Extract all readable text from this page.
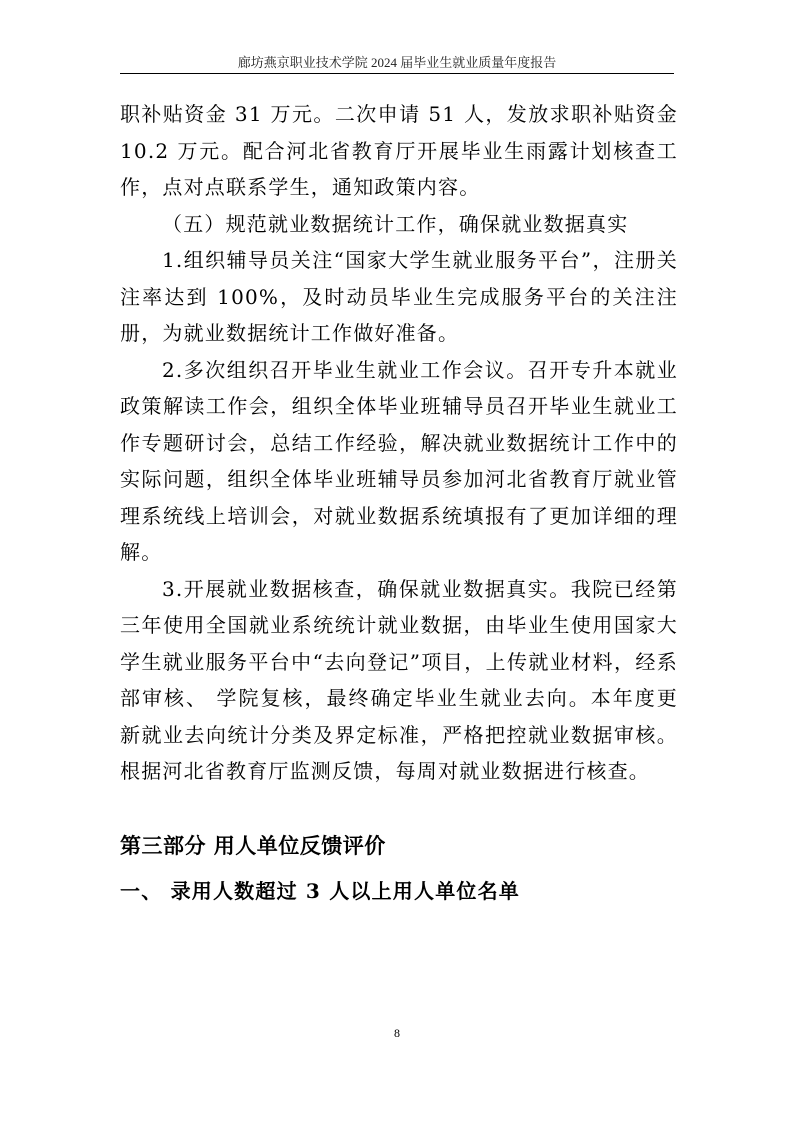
廊坊燕京职业技术学院 2024 届毕业生就业质量年度报告

职补贴资金 31 万元。二次申请 51 人，发放求职补贴资金 10.2 万元。配合河北省教育厅开展毕业生雨露计划核查工作，点对点联系学生，通知政策内容。

（五）规范就业数据统计工作，确保就业数据真实

1.组织辅导员关注“国家大学生就业服务平台”，注册关注率达到 100%，及时动员毕业生完成服务平台的关注注册，为就业数据统计工作做好准备。

2.多次组织召开毕业生就业工作会议。召开专升本就业政策解读工作会，组织全体毕业班辅导员召开毕业生就业工作专题研讨会，总结工作经验，解决就业数据统计工作中的实际问题，组织全体毕业班辅导员参加河北省教育厅就业管理系统线上培训会，对就业数据系统填报有了更加详细的理解。

3.开展就业数据核查，确保就业数据真实。我院已经第三年使用全国就业系统统计就业数据，由毕业生使用国家大学生就业服务平台中“去向登记”项目，上传就业材料，经系部审核、 学院复核，最终确定毕业生就业去向。本年度更新就业去向统计分类及界定标准，严格把控就业数据审核。根据河北省教育厅监测反馈，每周对就业数据进行核查。

第三部分 用人单位反馈评价
一、 录用人数超过 3 人以上用人单位名单
8
